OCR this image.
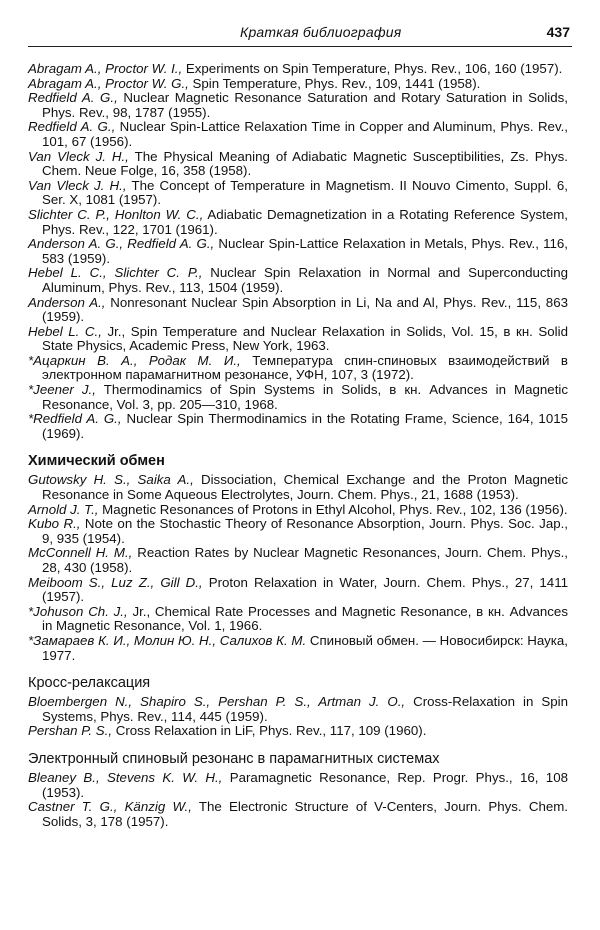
Краткая библиография	437
Abragam A., Proctor W. I., Experiments on Spin Temperature, Phys. Rev., 106, 160 (1957).
Abragam A., Proctor W. G., Spin Temperature, Phys. Rev., 109, 1441 (1958).
Redfield A. G., Nuclear Magnetic Resonance Saturation and Rotary Saturation in Solids, Phys. Rev., 98, 1787 (1955).
Redfield A. G., Nuclear Spin-Lattice Relaxation Time in Copper and Aluminum, Phys. Rev., 101, 67 (1956).
Van Vleck J. H., The Physical Meaning of Adiabatic Magnetic Susceptibilities, Zs. Phys. Chem. Neue Folge, 16, 358 (1958).
Van Vleck J. H., The Concept of Temperature in Magnetism. II Nouvo Cimento, Suppl. 6, Ser. X, 1081 (1957).
Slichter C. P., Honlton W. C., Adiabatic Demagnetization in a Rotating Reference System, Phys. Rev., 122, 1701 (1961).
Anderson A. G., Redfield A. G., Nuclear Spin-Lattice Relaxation in Metals, Phys. Rev., 116, 583 (1959).
Hebel L. C., Slichter C. P., Nuclear Spin Relaxation in Normal and Superconducting Aluminum, Phys. Rev., 113, 1504 (1959).
Anderson A., Nonresonant Nuclear Spin Absorption in Li, Na and Al, Phys. Rev., 115, 863 (1959).
Hebel L. C., Jr., Spin Temperature and Nuclear Relaxation in Solids, Vol. 15, в кн. Solid State Physics, Academic Press, New York, 1963.
*Ацаркин В. А., Родак М. И., Температура спин-спиновых взаимодействий в электронном парамагнитном резонансе, УФН, 107, 3 (1972).
*Jeener J., Thermodinamics of Spin Systems in Solids, в кн. Advances in Magnetic Resonance, Vol. 3, pp. 205—310, 1968.
*Redfield A. G., Nuclear Spin Thermodinamics in the Rotating Frame, Science, 164, 1015 (1969).
Химический обмен
Gutowsky H. S., Saika A., Dissociation, Chemical Exchange and the Proton Magnetic Resonance in Some Aqueous Electrolytes, Journ. Chem. Phys., 21, 1688 (1953).
Arnold J. T., Magnetic Resonances of Protons in Ethyl Alcohol, Phys. Rev., 102, 136 (1956).
Kubo R., Note on the Stochastic Theory of Resonance Absorption, Journ. Phys. Soc. Jap., 9, 935 (1954).
McConnell H. M., Reaction Rates by Nuclear Magnetic Resonances, Journ. Chem. Phys., 28, 430 (1958).
Meiboom S., Luz Z., Gill D., Proton Relaxation in Water, Journ. Chem. Phys., 27, 1411 (1957).
*Johuson Ch. J., Jr., Chemical Rate Processes and Magnetic Resonance, в кн. Advances in Magnetic Resonance, Vol. 1, 1966.
*Замараев К. И., Молин Ю. Н., Салихов К. М. Спиновый обмен. — Новосибирск: Наука, 1977.
Кросс-релаксация
Bloembergen N., Shapiro S., Pershan P. S., Artman J. O., Cross-Relaxation in Spin Systems, Phys. Rev., 114, 445 (1959).
Pershan P. S., Cross Relaxation in LiF, Phys. Rev., 117, 109 (1960).
Электронный спиновый резонанс в парамагнитных системах
Bleaney B., Stevens K. W. H., Paramagnetic Resonance, Rep. Progr. Phys., 16, 108 (1953).
Castner T. G., Känzig W., The Electronic Structure of V-Centers, Journ. Phys. Chem. Solids, 3, 178 (1957).
